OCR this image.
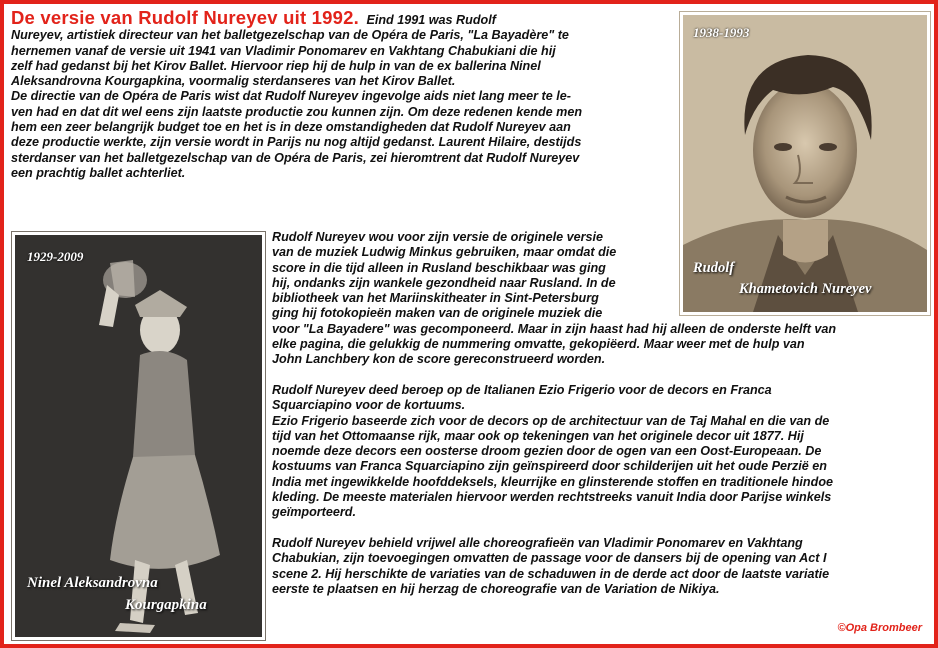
De versie van Rudolf Nureyev uit 1992. Eind 1991 was Rudolf
Nureyev, artistiek directeur van het balletgezelschap van de Opéra de Paris, "La Bayadère" te
hernemen vanaf de versie uit 1941 van Vladimir Ponomarev en Vakhtang Chabukiani die hij
zelf had gedanst bij het Kirov Ballet. Hiervoor riep hij de hulp in van de ex ballerina Ninel
Aleksandrovna Kourgapkina, voormalig sterdanseres van het Kirov Ballet.
De directie van de Opéra de Paris wist dat Rudolf Nureyev ingevolge aids niet lang meer te le-
ven had en dat dit wel eens zijn laatste productie zou kunnen zijn. Om deze redenen kende men
hem een zeer belangrijk budget toe en het is in deze omstandigheden dat Rudolf Nureyev aan
deze productie werkte, zijn versie wordt in Parijs nu nog altijd gedanst. Laurent Hilaire, destijds
sterdanser van het balletgezelschap van de Opéra de Paris, zei hieromtrent dat Rudolf Nureyev
een prachtig ballet achterliet.
1938-1993
Rudolf
Khametovich Nureyev
1929-2009
Ninel Aleksandrovna
Kourgapkina
Rudolf Nureyev wou voor zijn versie de originele versie
van de muziek Ludwig Minkus gebruiken, maar omdat die
score in die tijd alleen in Rusland beschikbaar was ging
hij, ondanks zijn wankele gezondheid naar Rusland. In de
bibliotheek van het Mariinskitheater in Sint-Petersburg
ging hij fotokopieën maken van de originele muziek die
voor "La Bayadere" was gecomponeerd. Maar in zijn haast had hij alleen de onderste helft van
elke pagina, die gelukkig de nummering omvatte, gekopiëerd. Maar weer met de hulp van
John Lanchbery kon de score gereconstrueerd worden.
Rudolf Nureyev deed beroep op de Italianen Ezio Frigerio voor de decors en Franca
Squarciapino voor de kortuums.
Ezio Frigerio baseerde zich voor de decors op de architectuur van de Taj Mahal en die van de
tijd van het Ottomaanse rijk, maar ook op tekeningen van het originele decor uit 1877. Hij
noemde deze decors een oosterse droom gezien door de ogen van een Oost-Europeaan. De
kostuums van Franca Squarciapino zijn geïnspireerd door schilderijen uit het oude Perzië en
India met ingewikkelde hoofddeksels, kleurrijke en glinsterende stoffen en traditionele hindoe
kleding. De meeste materialen hiervoor werden rechtstreeks vanuit India door Parijse winkels
geïmporteerd.
Rudolf Nureyev behield vrijwel alle choreografieën van Vladimir Ponomarev en Vakhtang
Chabukian, zijn toevoegingen omvatten de passage voor de dansers bij de opening van Act I
scene 2. Hij herschikte de variaties van de schaduwen in de derde act door de laatste variatie
eerste te plaatsen en hij herzag de choreografie van de Variation de Nikiya.
©Opa Brombeer
